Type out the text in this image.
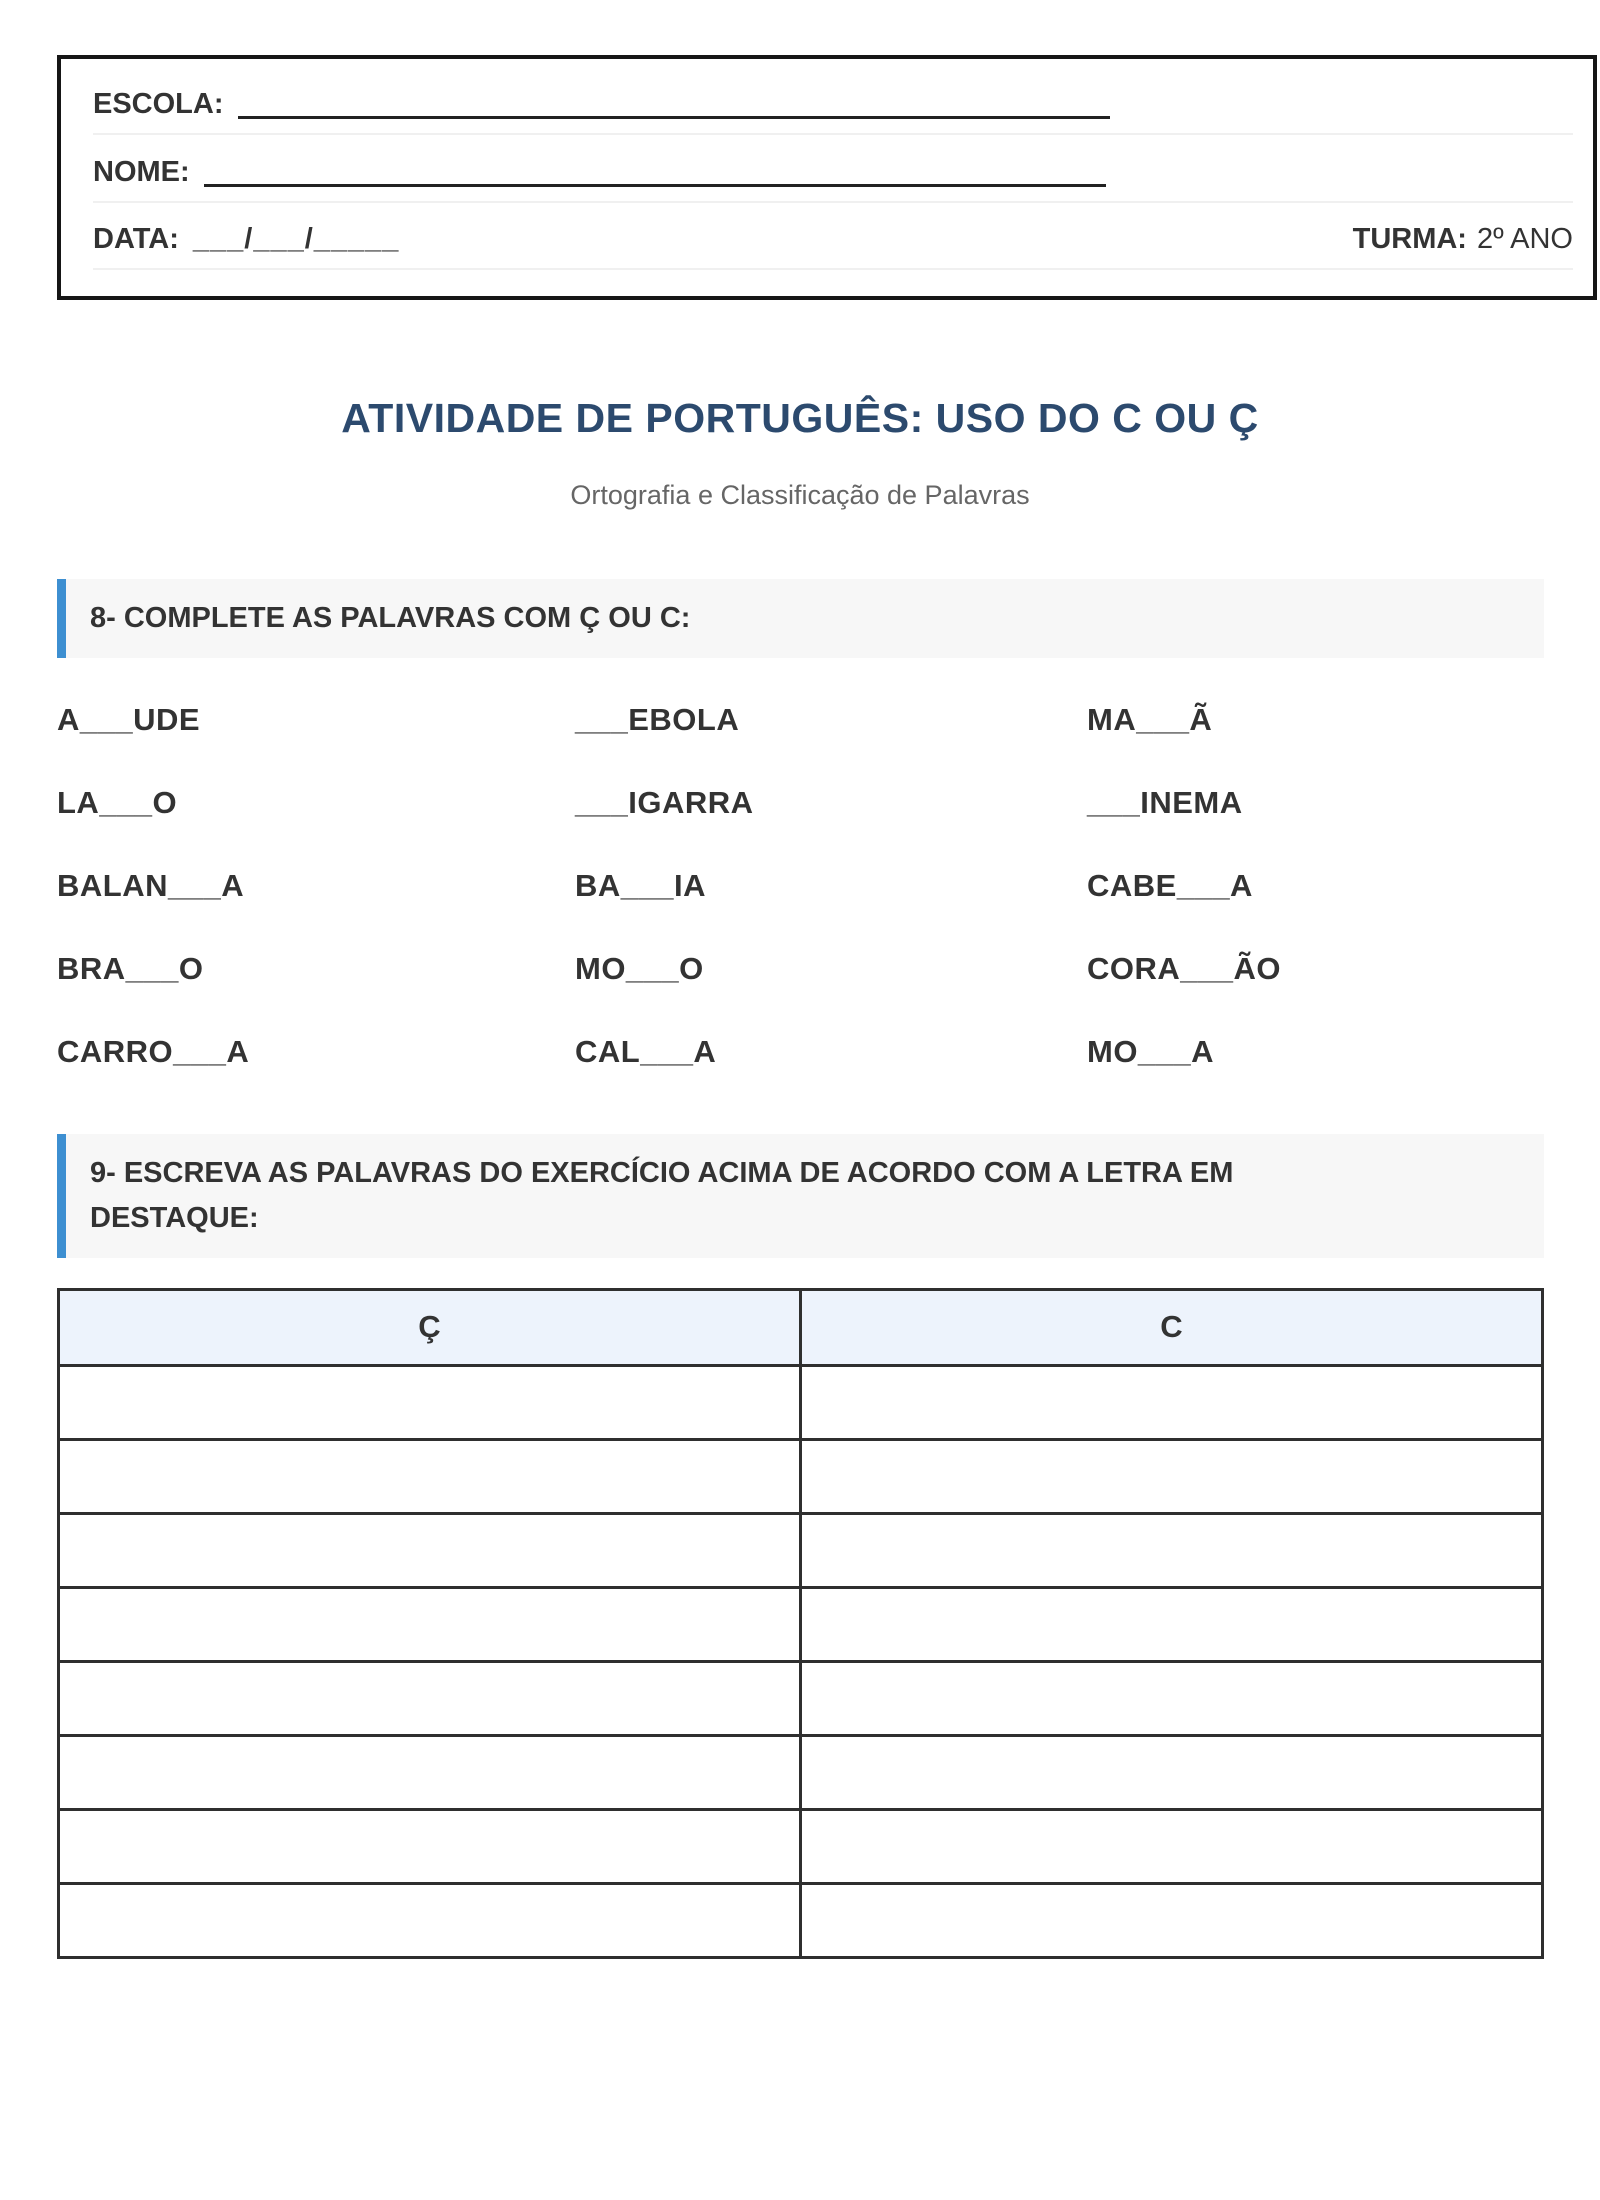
ESCOLA:
NOME:
DATA: ___/___/_____	TURMA: 2º ANO
ATIVIDADE DE PORTUGUÊS: USO DO C OU Ç

Ortografia e Classificação de Palavras

8- COMPLETE AS PALAVRAS COM Ç OU C:
A___UDE	___EBOLA	MA___Ã
LA___O	___IGARRA	___INEMA
BALAN___A	BA___IA	CABE___A
BRA___O	MO___O	CORA___ÃO
CARRO___A	CAL___A	MO___A
9- ESCREVA AS PALAVRAS DO EXERCÍCIO ACIMA DE ACORDO COM A LETRA EM DESTAQUE:
Ç	C
